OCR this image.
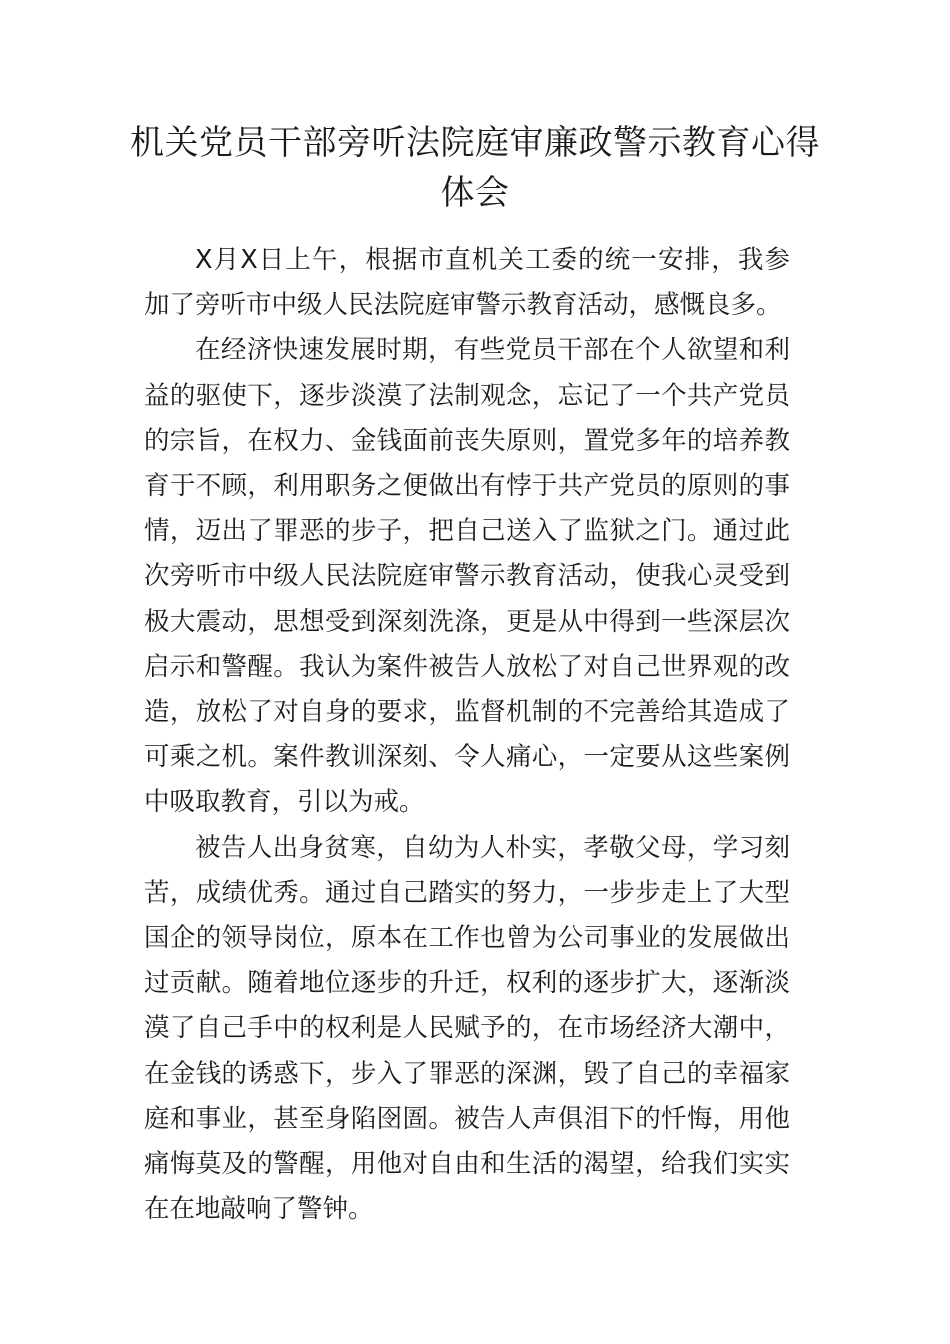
机关党员干部旁听法院庭审廉政警示教育心得体会

X月X日上午，根据市直机关工委的统一安排，我参加了旁听市中级人民法院庭审警示教育活动，感慨良多。

在经济快速发展时期，有些党员干部在个人欲望和利益的驱使下，逐步淡漠了法制观念，忘记了一个共产党员的宗旨，在权力、金钱面前丧失原则，置党多年的培养教育于不顾，利用职务之便做出有悖于共产党员的原则的事情，迈出了罪恶的步子，把自己送入了监狱之门。通过此次旁听市中级人民法院庭审警示教育活动，使我心灵受到极大震动，思想受到深刻洗涤，更是从中得到一些深层次启示和警醒。我认为案件被告人放松了对自己世界观的改造，放松了对自身的要求，监督机制的不完善给其造成了可乘之机。案件教训深刻、令人痛心，一定要从这些案例中吸取教育，引以为戒。

被告人出身贫寒，自幼为人朴实，孝敬父母，学习刻苦，成绩优秀。通过自己踏实的努力，一步步走上了大型国企的领导岗位，原本在工作也曾为公司事业的发展做出过贡献。随着地位逐步的升迁，权利的逐步扩大，逐渐淡漠了自己手中的权利是人民赋予的，在市场经济大潮中，在金钱的诱惑下，步入了罪恶的深渊，毁了自己的幸福家庭和事业，甚至身陷囹圄。被告人声俱泪下的忏悔，用他痛悔莫及的警醒，用他对自由和生活的渴望，给我们实实在在地敲响了警钟。
